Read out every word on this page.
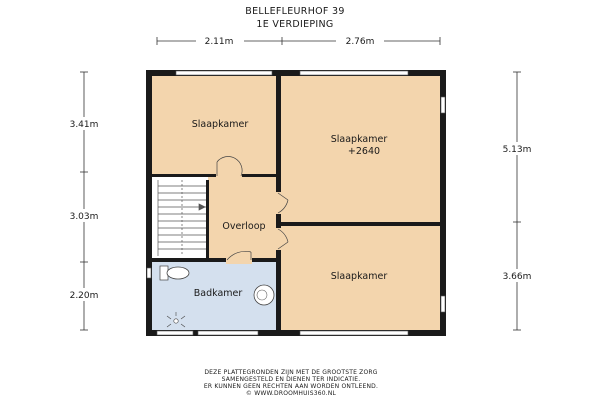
BELLEFLEURHOF 39
1E VERDIEPING
2.11m	2.76m
3.41m
3.03m
2.20m
5.13m
3.66m
Slaapkamer
Slaapkamer
+2640
Slaapkamer
Overloop
Badkamer
DEZE PLATTEGRONDEN ZIJN MET DE GROOTSTE ZORG
SAMENGESTELD EN DIENEN TER INDICATIE.
ER KUNNEN GEEN RECHTEN AAN WORDEN ONTLEEND.
© WWW.DROOMHUIS360.NL
